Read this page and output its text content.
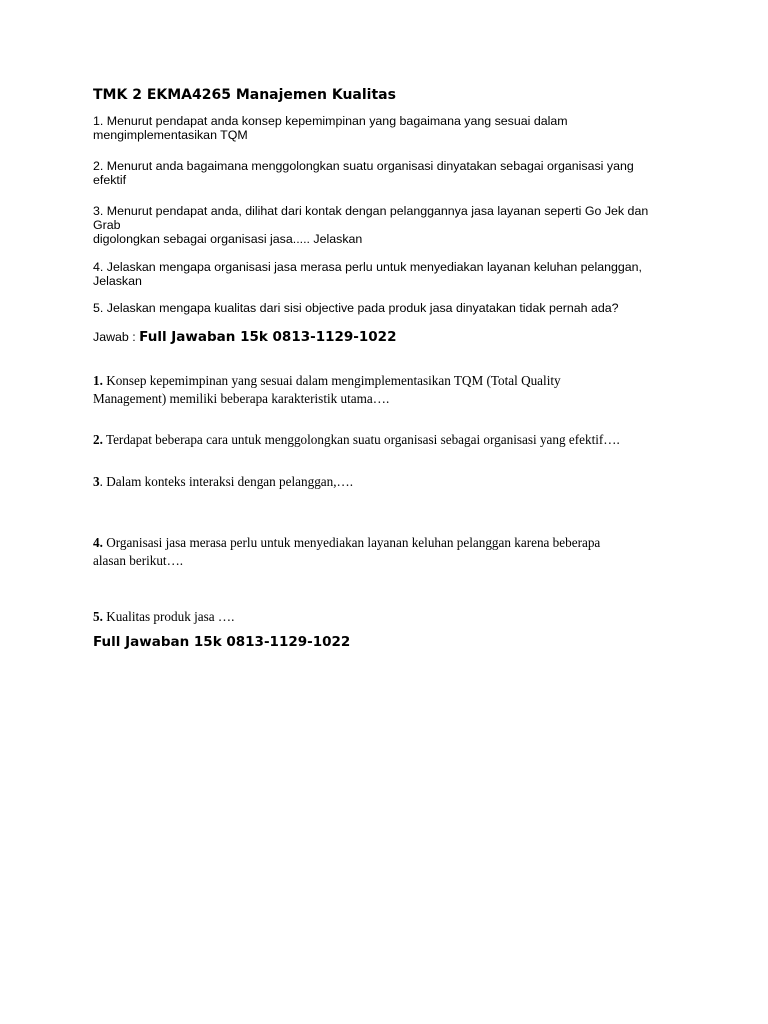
TMK 2 EKMA4265 Manajemen Kualitas

1. Menurut pendapat anda konsep kepemimpinan yang bagaimana yang sesuai dalam
mengimplementasikan TQM

2. Menurut anda bagaimana menggolongkan suatu organisasi dinyatakan sebagai organisasi yang
efektif

3. Menurut pendapat anda, dilihat dari kontak dengan pelanggannya jasa layanan seperti Go Jek dan
Grab
digolongkan sebagai organisasi jasa..... Jelaskan

4. Jelaskan mengapa organisasi jasa merasa perlu untuk menyediakan layanan keluhan pelanggan,
Jelaskan

5. Jelaskan mengapa kualitas dari sisi objective pada produk jasa dinyatakan tidak pernah ada?

Jawab : Full Jawaban 15k 0813-1129-1022

1. Konsep kepemimpinan yang sesuai dalam mengimplementasikan TQM (Total Quality
Management) memiliki beberapa karakteristik utama….

2. Terdapat beberapa cara untuk menggolongkan suatu organisasi sebagai organisasi yang efektif….

3. Dalam konteks interaksi dengan pelanggan,….

4. Organisasi jasa merasa perlu untuk menyediakan layanan keluhan pelanggan karena beberapa
alasan berikut….

5. Kualitas produk jasa ….

Full Jawaban 15k 0813-1129-1022
